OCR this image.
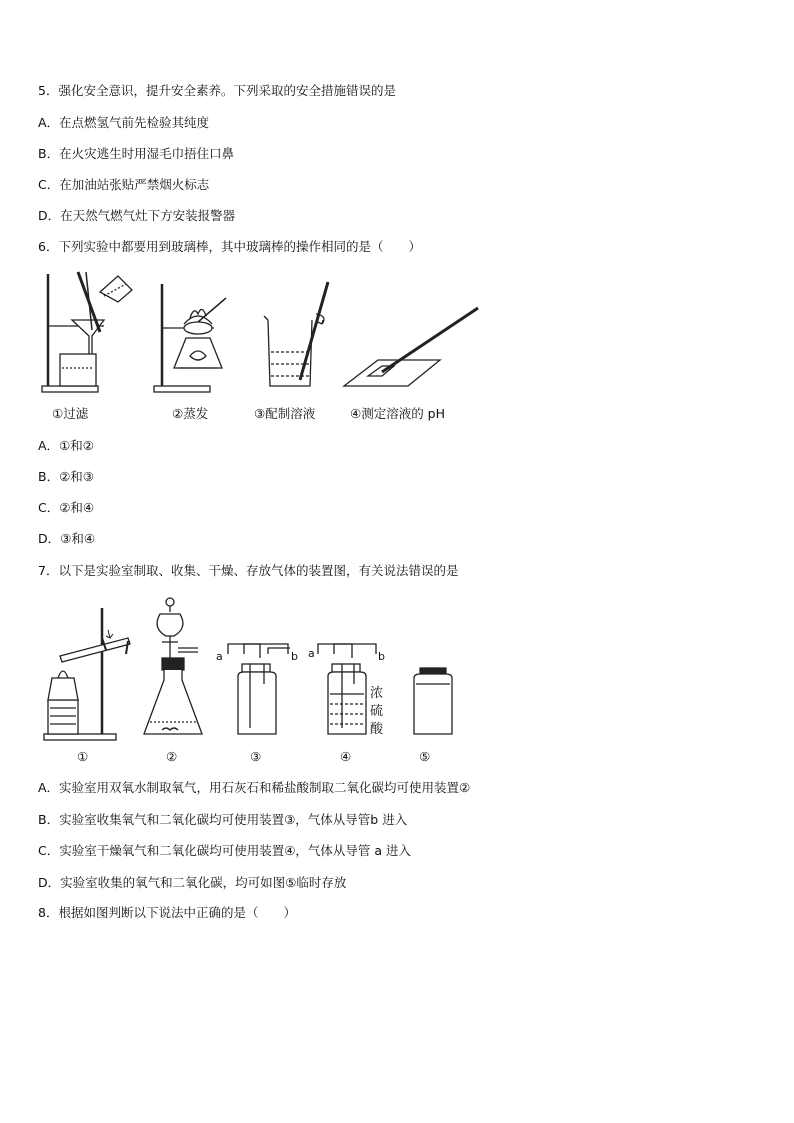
5．强化安全意识，提升安全素养。下列采取的安全措施错误的是
A．在点燃氢气前先检验其纯度
B．在火灾逃生时用湿毛巾捂住口鼻
C．在加油站张贴严禁烟火标志
D．在天然气燃气灶下方安装报警器
6．下列实验中都要用到玻璃棒，其中玻璃棒的操作相同的是（　　）
①过滤	②蒸发	③配制溶液	④测定溶液的 pH
A．①和②
B．②和③
C．②和④
D．③和④
7．以下是实验室制取、收集、干燥、存放气体的装置图，有关说法错误的是
a	b a	b
浓
硫
酸
①	②	③	④	⑤
A．实验室用双氧水制取氧气，用石灰石和稀盐酸制取二氧化碳均可使用装置②
B．实验室收集氧气和二氧化碳均可使用装置③，气体从导管b 进入
C．实验室干燥氧气和二氧化碳均可使用装置④，气体从导管 a 进入
D．实验室收集的氧气和二氧化碳，均可如图⑤临时存放
8．根据如图判断以下说法中正确的是（　　）
